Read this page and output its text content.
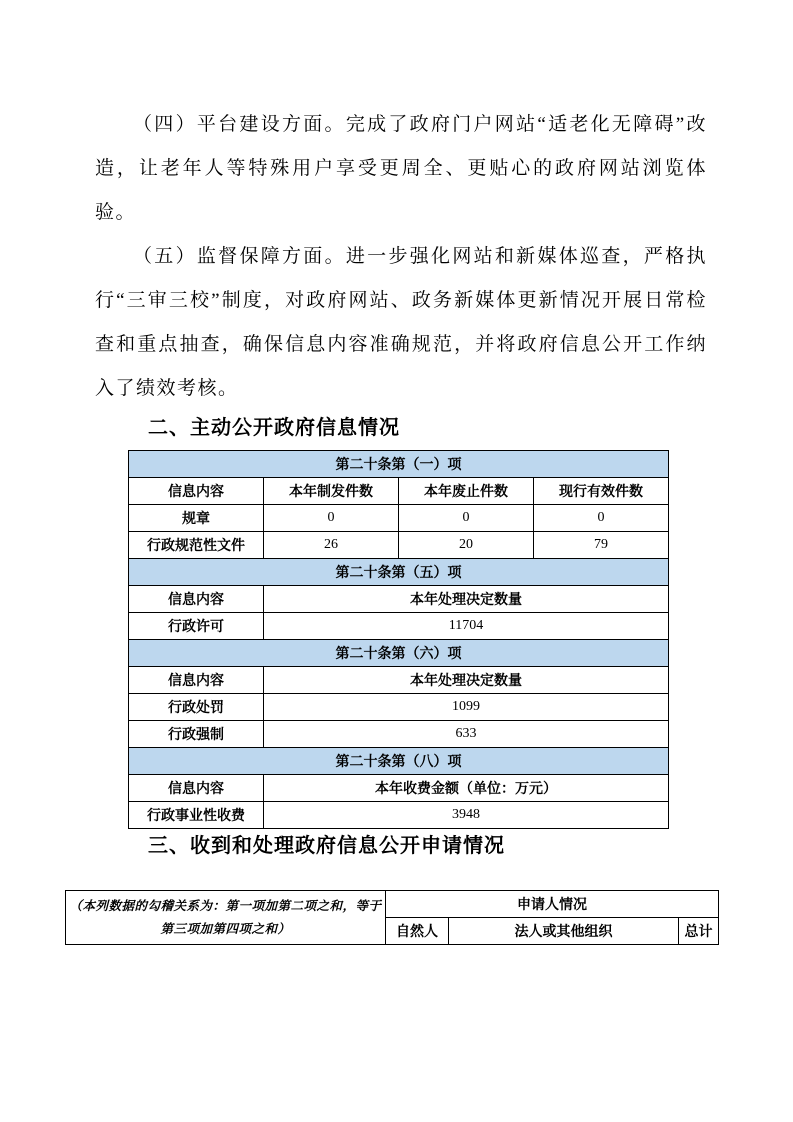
（四）平台建设方面。完成了政府门户网站“适老化无障碍”改造，让老年人等特殊用户享受更周全、更贴心的政府网站浏览体验。

（五）监督保障方面。进一步强化网站和新媒体巡查，严格执行“三审三校”制度，对政府网站、政务新媒体更新情况开展日常检查和重点抽查，确保信息内容准确规范，并将政府信息公开工作纳入了绩效考核。

二、主动公开政府信息情况
第二十条第（一）项			
信息内容	本年制发件数	本年废止件数	现行有效件数
规章	0	0	0
行政规范性文件	26	20	79
第二十条第（五）项			
信息内容	本年处理决定数量		
行政许可	11704		
第二十条第（六）项			
信息内容	本年处理决定数量		
行政处罚	1099		
行政强制	633		
第二十条第（八）项			
信息内容	本年收费金额（单位：万元）		
行政事业性收费	3948		
三、收到和处理政府信息公开申请情况
（本列数据的勾稽关系为：第一项加第二项之和，等于第三项加第四项之和）	申请人情况		
	自然人	法人或其他组织	总计
